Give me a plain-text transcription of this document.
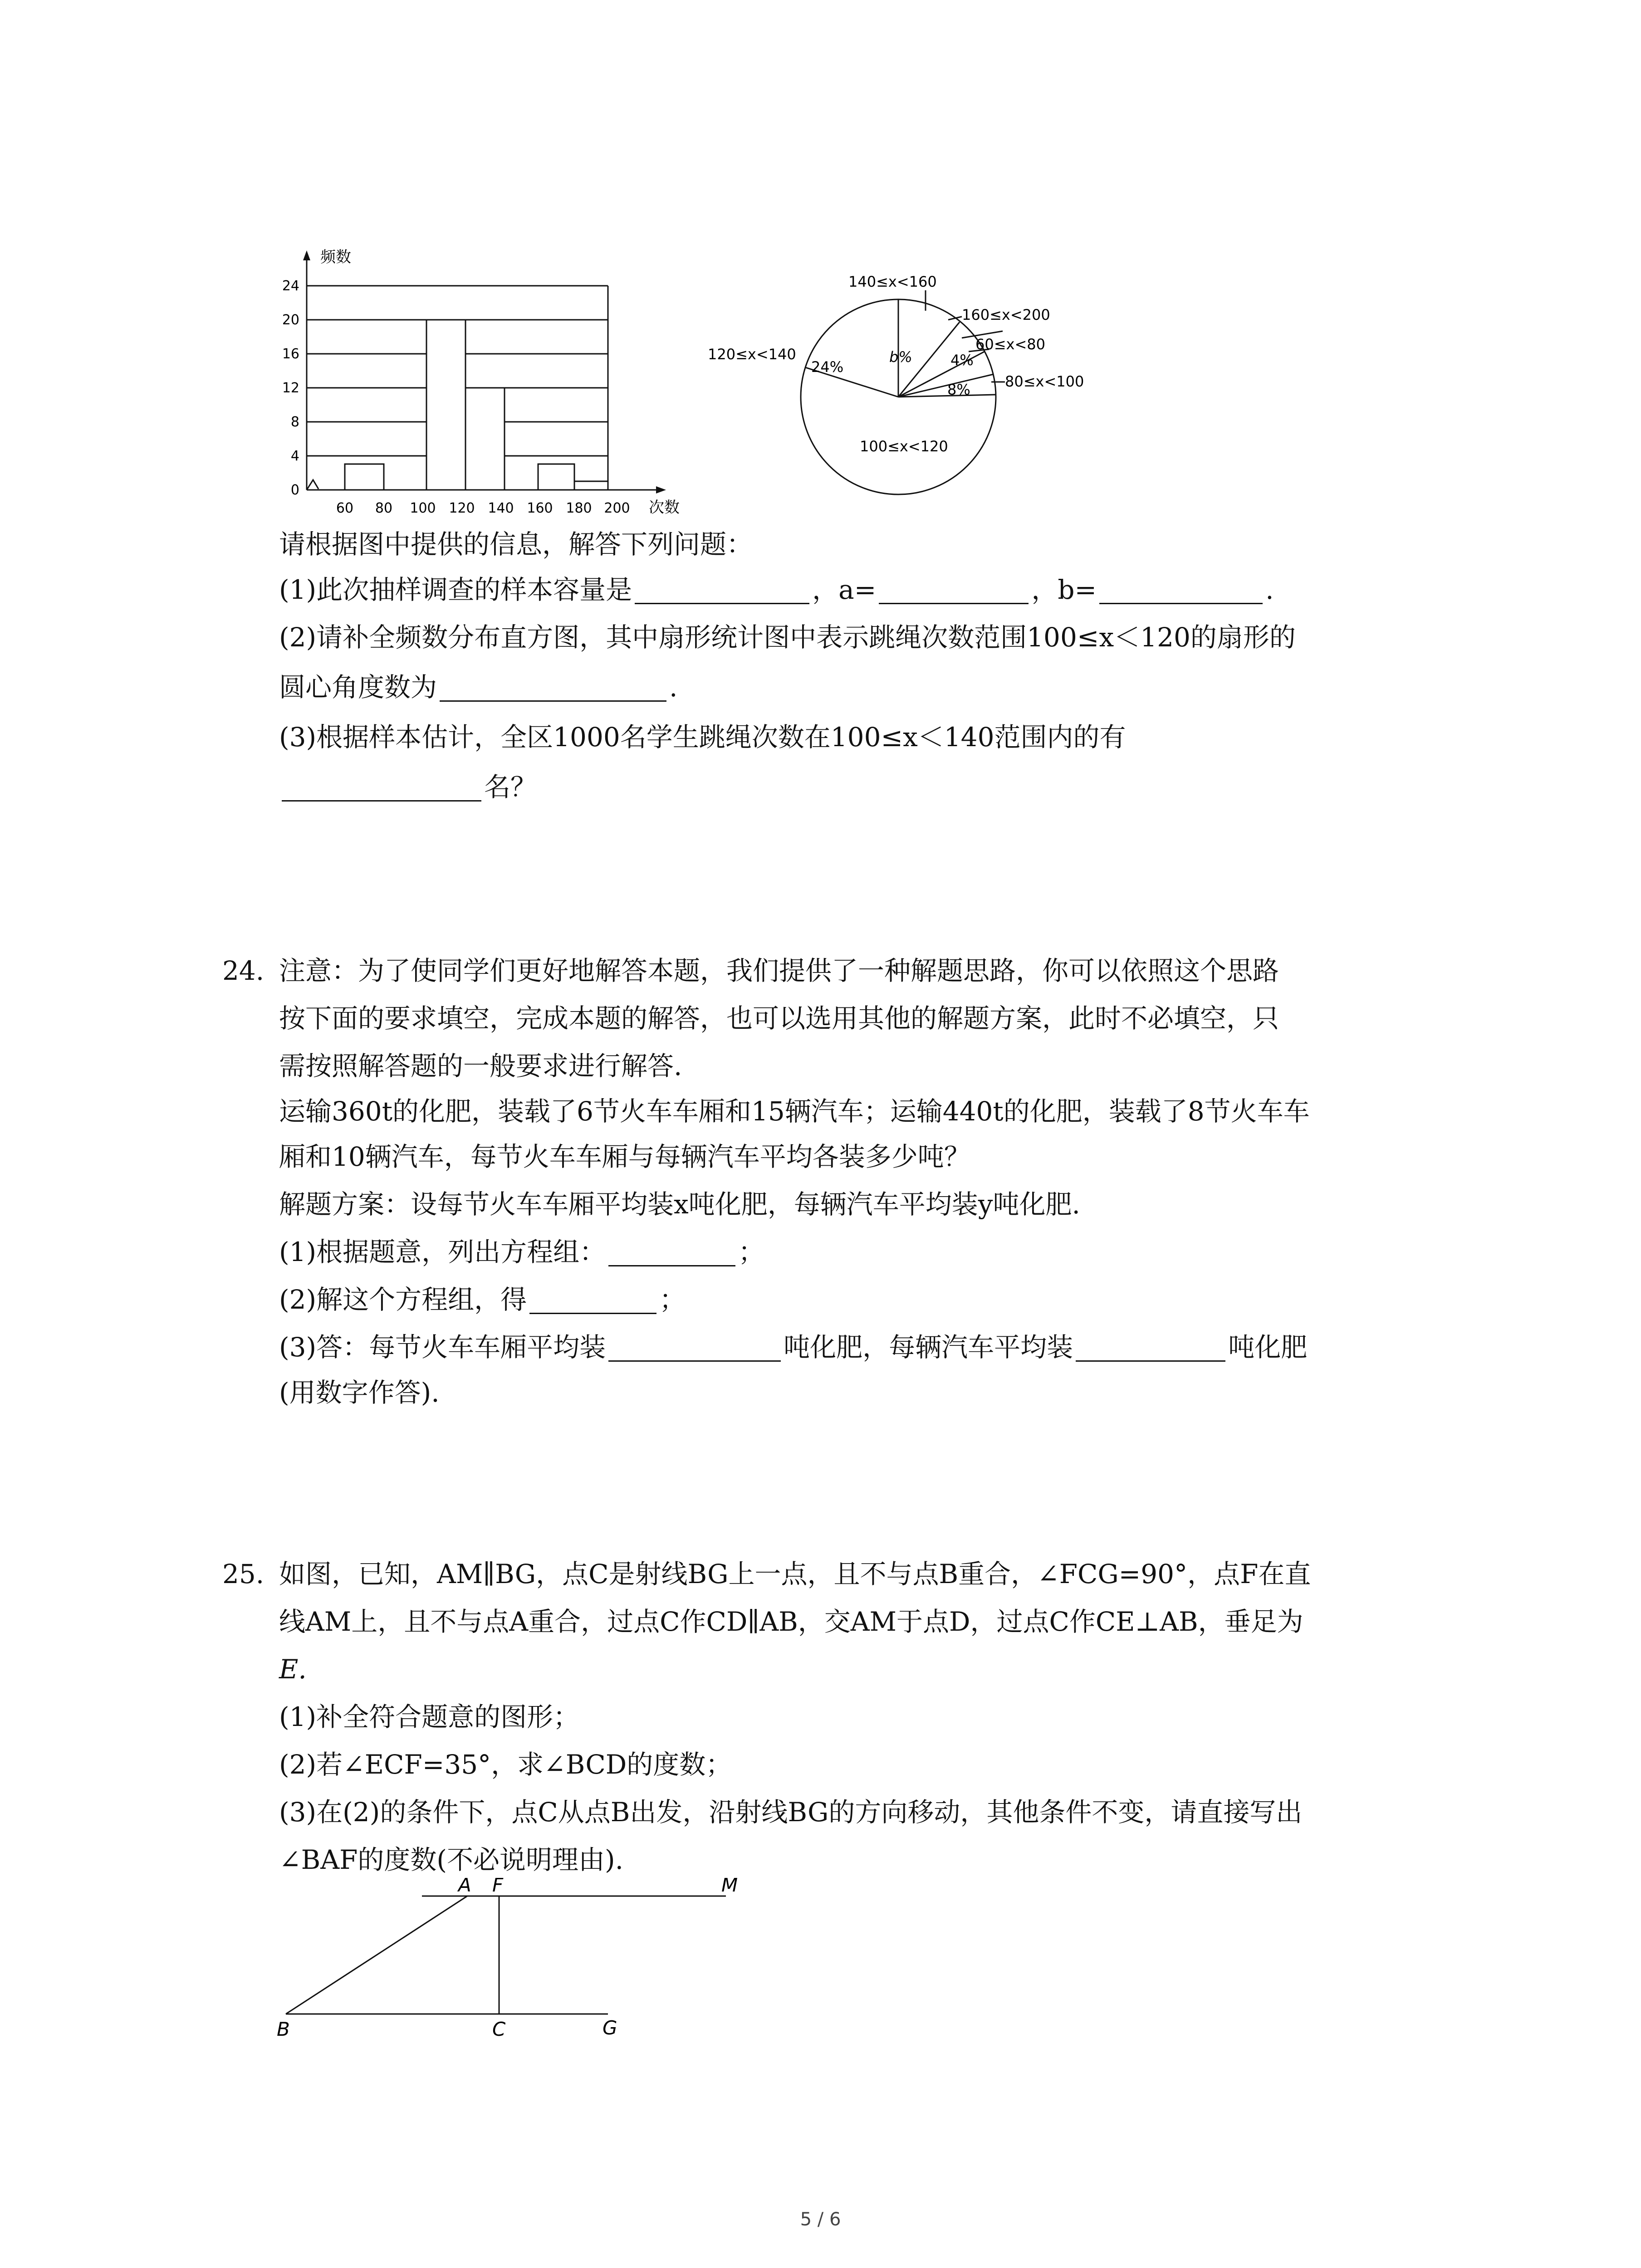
频数
次数
24
20
16
12
8
4
0
60 80 100 120 140 160 180 200
140≤x<160
160≤x<200
60≤x<80
80≤x<100
120≤x<140
100≤x<120
b%
24%	4%
8%
请根据图中提供的信息，解答下列问题：
(1)此次抽样调查的样本容量是	，a=	，b=	.
(2)请补全频数分布直方图，其中扇形统计图中表示跳绳次数范围100≤x＜120的扇形的
圆心角度数为	.
(3)根据样本估计，全区1000名学生跳绳次数在100≤x＜140范围内的有
名？
24. 注意：为了使同学们更好地解答本题，我们提供了一种解题思路，你可以依照这个思路
按下面的要求填空，完成本题的解答，也可以选用其他的解题方案，此时不必填空，只
需按照解答题的一般要求进行解答.
运输360t的化肥，装载了6节火车车厢和15辆汽车；运输440t的化肥，装载了8节火车车
厢和10辆汽车，每节火车车厢与每辆汽车平均各装多少吨？
解题方案：设每节火车车厢平均装x吨化肥，每辆汽车平均装y吨化肥.
(1)根据题意，列出方程组：	；
(2)解这个方程组，得	；
(3)答：每节火车车厢平均装	吨化肥，每辆汽车平均装	吨化肥
(用数字作答).
25. 如图，已知，AM∥BG，点C是射线BG上一点，且不与点B重合，∠FCG=90°，点F在直
线AM上，且不与点A重合，过点C作CD∥AB，交AM于点D，过点C作CE⊥AB，垂足为
E.
(1)补全符合题意的图形；
(2)若∠ECF=35°，求∠BCD的度数；
(3)在(2)的条件下，点C从点B出发，沿射线BG的方向移动，其他条件不变，请直接写出
∠BAF的度数(不必说明理由).
A F	M
B	C	G
5 / 6
